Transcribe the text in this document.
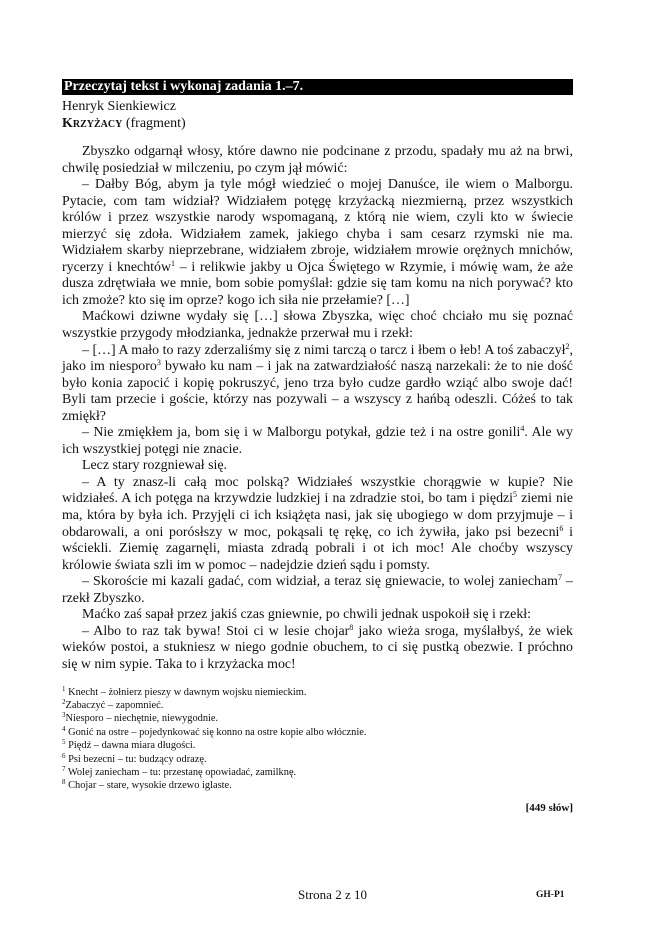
Przeczytaj tekst i wykonaj zadania 1.–7.
Henryk Sienkiewicz
Krzyżacy (fragment)

Zbyszko odgarnął włosy, które dawno nie podcinane z przodu, spadały mu aż na brwi, chwilę posiedział w milczeniu, po czym jął mówić:

– Dałby Bóg, abym ja tyle mógł wiedzieć o mojej Danuśce, ile wiem o Malborgu. Pytacie, com tam widział? Widziałem potęgę krzyżacką niezmierną, przez wszystkich królów i przez wszystkie narody wspomaganą, z którą nie wiem, czyli kto w świecie mierzyć się zdoła. Widziałem zamek, jakiego chyba i sam cesarz rzymski nie ma. Widziałem skarby nieprzebrane, widziałem zbroje, widziałem mrowie orężnych mnichów, rycerzy i knechtów$^1$ – i relikwie jakby u Ojca Świętego w Rzymie, i mówię wam, że aże dusza zdrętwiała we mnie, bom sobie pomyślał: gdzie się tam komu na nich porywać? kto ich zmoże? kto się im oprze? kogo ich siła nie przełamie? […]

Maćkowi dziwne wydały się […] słowa Zbyszka, więc choć chciało mu się poznać wszystkie przygody młodzianka, jednakże przerwał mu i rzekł:

– […] A mało to razy zderzaliśmy się z nimi tarczą o tarcz i łbem o łeb! A toś zabaczył$^2$, jako im niesporo$^3$ bywało ku nam – i jak na zatwardziałość naszą narzekali: że to nie dość było konia zapocić i kopię pokruszyć, jeno trza było cudze gardło wziąć albo swoje dać! Byli tam przecie i goście, którzy nas pozywali – a wszyscy z hańbą odeszli. Cóżeś to tak zmiękł?

– Nie zmiękłem ja, bom się i w Malborgu potykał, gdzie też i na ostre gonili$^4$. Ale wy ich wszystkiej potęgi nie znacie.

Lecz stary rozgniewał się.

– A ty znasz-li całą moc polską? Widziałeś wszystkie chorągwie w kupie? Nie widziałeś. A ich potęga na krzywdzie ludzkiej i na zdradzie stoi, bo tam i piędzi$^5$ ziemi nie ma, która by była ich. Przyjęli ci ich książęta nasi, jak się ubogiego w dom przyjmuje – i obdarowali, a oni porósłszy w moc, pokąsali tę rękę, co ich żywiła, jako psi bezecni$^6$ i wściekli. Ziemię zagarnęli, miasta zdradą pobrali i ot ich moc! Ale choćby wszyscy królowie świata szli im w pomoc – nadejdzie dzień sądu i pomsty.

– Skoroście mi kazali gadać, com widział, a teraz się gniewacie, to wolej zaniecham$^7$ – rzekł Zbyszko.

Maćko zaś sapał przez jakiś czas gniewnie, po chwili jednak uspokoił się i rzekł:

– Albo to raz tak bywa! Stoi ci w lesie chojar$^8$ jako wieża sroga, myślałbyś, że wiek wieków postoi, a stukniesz w niego godnie obuchem, to ci się pustką obezwie. I próchno się w nim sypie. Taka to i krzyżacka moc!

$^1$ Knecht – żołnierz pieszy w dawnym wojsku niemieckim.
$^2$Zabaczyć – zapomnieć.
$^3$Niesporo – niechętnie, niewygodnie.
$^4$ Gonić na ostre – pojedynkować się konno na ostre kopie albo włócznie.
$^5$ Piędź – dawna miara długości.
$^6$ Psi bezecni – tu: budzący odrazę.
$^7$ Wolej zaniecham – tu: przestanę opowiadać, zamilknę.
$^8$ Chojar – stare, wysokie drzewo iglaste.
[449 słów]
Strona 2 z 10	GH-P1
